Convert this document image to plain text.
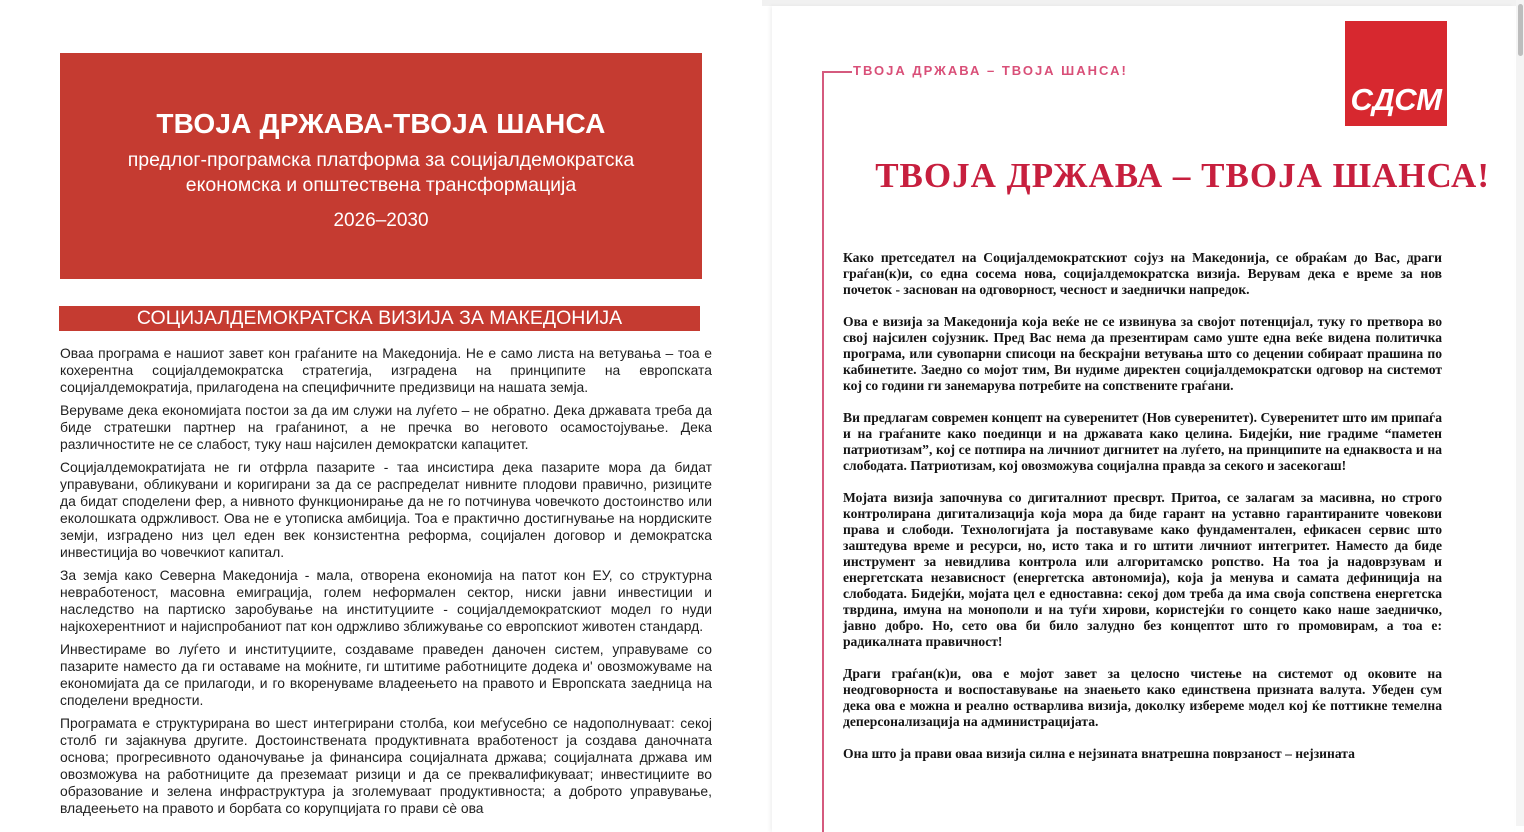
ТВОЈА ДРЖАВА-ТВОЈА ШАНСА
предлог-програмска платформа за социјалдемократска
економска и општествена трансформација
2026–2030
СОЦИЈАЛДЕМОКРАТСКА ВИЗИЈА ЗА МАКЕДОНИЈА

Оваа програма е нашиот завет кон граѓаните на Македонија. Не е само листа на ветувања – тоа е кохерентна социјалдемократска стратегија, изградена на принципите на европската социјалдемократија, прилагодена на специфичните предизвици на нашата земја.

Веруваме дека економијата постои за да им служи на луѓето – не обратно. Дека државата треба да биде стратешки партнер на граѓанинот, а не пречка во неговото осамостојување. Дека различностите не се слабост, туку наш најсилен демократски капацитет.

Социјалдемократијата не ги отфрла пазарите - таа инсистира дека пазарите мора да бидат управувани, обликувани и коригирани за да се распределат нивните плодови правично, ризиците да бидат споделени фер, а нивното функционирање да не го потчинува човечкото достоинство или еколошката одржливост. Ова не е утописка амбиција. Тоа е практично достигнување на нордиските земји, изградено низ цел еден век конзистентна реформа, социјален договор и демократска инвестиција во човечкиот капитал.

За земја како Северна Македонија - мала, отворена економија на патот кон ЕУ, со структурна невработеност, масовна емиграција, голем неформален сектор, ниски јавни инвестиции и наследство на партиско заробување на институциите - социјалдемократскиот модел го нуди најкохерентниот и најиспробаниот пат кон одржливо зближување со европскиот животен стандард.

Инвестираме во луѓето и институциите, создаваме праведен даночен систем, управуваме со пазарите наместо да ги оставаме на моќните, ги штитиме работниците додека и' овозможуваме на економијата да се прилагоди, и го вкоренуваме владеењето на правото и Европската заедница на споделени вредности.

Програмата е структурирана во шест интегрирани столба, кои меѓусебно се надополнуваат: секој столб ги зајакнува другите. Достоинствената продуктивната вработеност ја создава даночната основа; прогресивното оданочување ја финансира социјалната држава; социјалната држава им овозможува на работниците да преземаат ризици и да се преквалификуваат; инвестициите во образование и зелена инфраструктура ја зголемуваат продуктивноста; а доброто управување, владеењето на правото и борбата со корупцијата го прави сè ова

ТВОЈА ДРЖАВА – ТВОЈА ШАНСА!
СДСМ
ТВОЈА ДРЖАВА – ТВОЈА ШАНСА!

Како претседател на Социјалдемократскиот сојуз на Македонија, се обраќам до Вас, драги граѓан(к)и, со една сосема нова, социјалдемократска визија. Верувам дека е време за нов почеток - заснован на одговорност, чесност и заеднички напредок.

Ова е визија за Македонија која веќе не се извинува за својот потенцијал, туку го претвора во свој најсилен сојузник. Пред Вас нема да презентирам само уште една веќе видена политичка програма, или сувопарни списоци на бескрајни ветувања што со децении собираат прашина по кабинетите. Заедно со мојот тим, Ви нудиме директен социјалдемократски одговор на системот кој со години ги занемарува потребите на сопствените граѓани.

Ви предлагам современ концепт на суверенитет (Нов суверенитет). Суверенитет што им припаѓа и на граѓаните како поединци и на државата како целина. Бидејќи, ние градиме “паметен патриотизам”, кој се потпира на личниот дигнитет на луѓето, на принципите на еднаквоста и на слободата. Патриотизам, кој овозможува социјална правда за секого и засекогаш!

Мојата визија започнува со дигиталниот пресврт. Притоа, се залагам за масивна, но строго контролирана дигитализација која мора да биде гарант на уставно гарантираните човекови права и слободи. Технологијата ја поставуваме како фундаментален, ефикасен сервис што заштедува време и ресурси, но, исто така и го штити личниот интегритет. Наместо да биде инструмент за невидлива контрола или алгоритамско ропство. На тоа ја надоврзувам и енергетската независност (енергетска автономија), која ја менува и самата дефиниција на слободата. Бидејќи, мојата цел е едноставна: секој дом треба да има своја сопствена енергетска тврдина, имуна на монополи и на туѓи хирови, користејќи го сонцето како наше заедничко, јавно добро. Но, сето ова би било залудно без концептот што го промовирам, а тоа е: радикалната правичност!

Драги граѓан(к)и, ова е мојот завет за целосно чистење на системот од оковите на неодговорноста и воспоставување на знаењето како единствена призната валута. Убеден сум дека ова е можна и реално остварлива визија, доколку избереме модел кој ќе поттикне темелна деперсонализација на администрацијата.

Она што ја прави оваа визија силна е нејзината внатрешна поврзаност – нејзината
